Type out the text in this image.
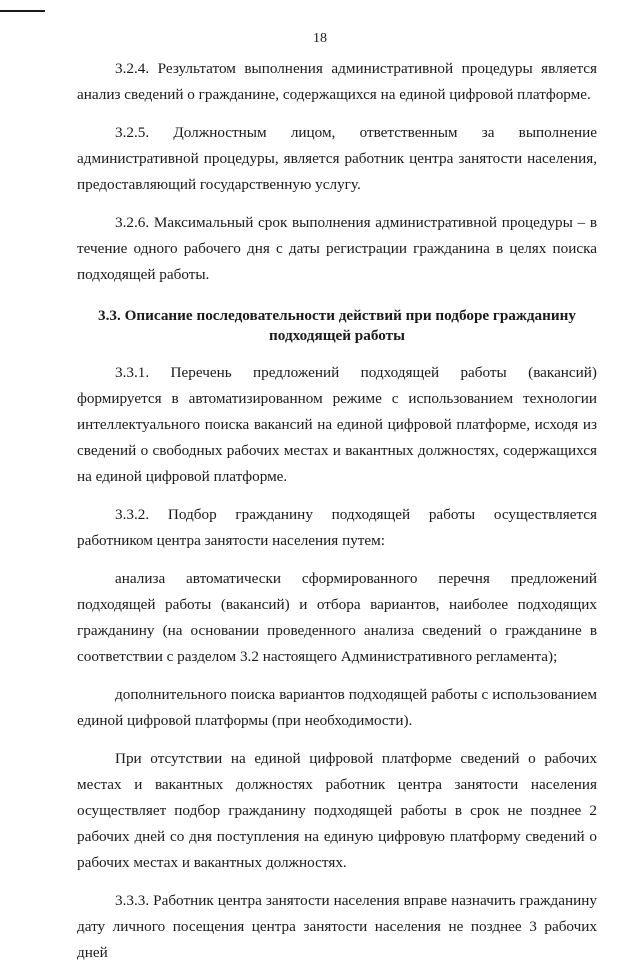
18

3.2.4. Результатом выполнения административной процедуры является анализ сведений о гражданине, содержащихся на единой цифровой платформе.

3.2.5. Должностным лицом, ответственным за выполнение административной процедуры, является работник центра занятости населения, предоставляющий государственную услугу.

3.2.6. Максимальный срок выполнения административной процедуры – в течение одного рабочего дня с даты регистрации гражданина в целях поиска подходящей работы.

3.3. Описание последовательности действий при подборе гражданину
подходящей работы

3.3.1. Перечень предложений подходящей работы (вакансий) формируется в автоматизированном режиме с использованием технологии интеллектуального поиска вакансий на единой цифровой платформе, исходя из сведений о свободных рабочих местах и вакантных должностях, содержащихся на единой цифровой платформе.

3.3.2. Подбор гражданину подходящей работы осуществляется работником центра занятости населения путем:

анализа автоматически сформированного перечня предложений подходящей работы (вакансий) и отбора вариантов, наиболее подходящих гражданину (на основании проведенного анализа сведений о гражданине в соответствии с разделом 3.2 настоящего Административного регламента);

дополнительного поиска вариантов подходящей работы с использованием единой цифровой платформы (при необходимости).

При отсутствии на единой цифровой платформе сведений о рабочих местах и вакантных должностях работник центра занятости населения осуществляет подбор гражданину подходящей работы в срок не позднее 2 рабочих дней со дня поступления на единую цифровую платформу сведений о рабочих местах и вакантных должностях.

3.3.3. Работник центра занятости населения вправе назначить гражданину дату личного посещения центра занятости населения не позднее 3 рабочих дней
